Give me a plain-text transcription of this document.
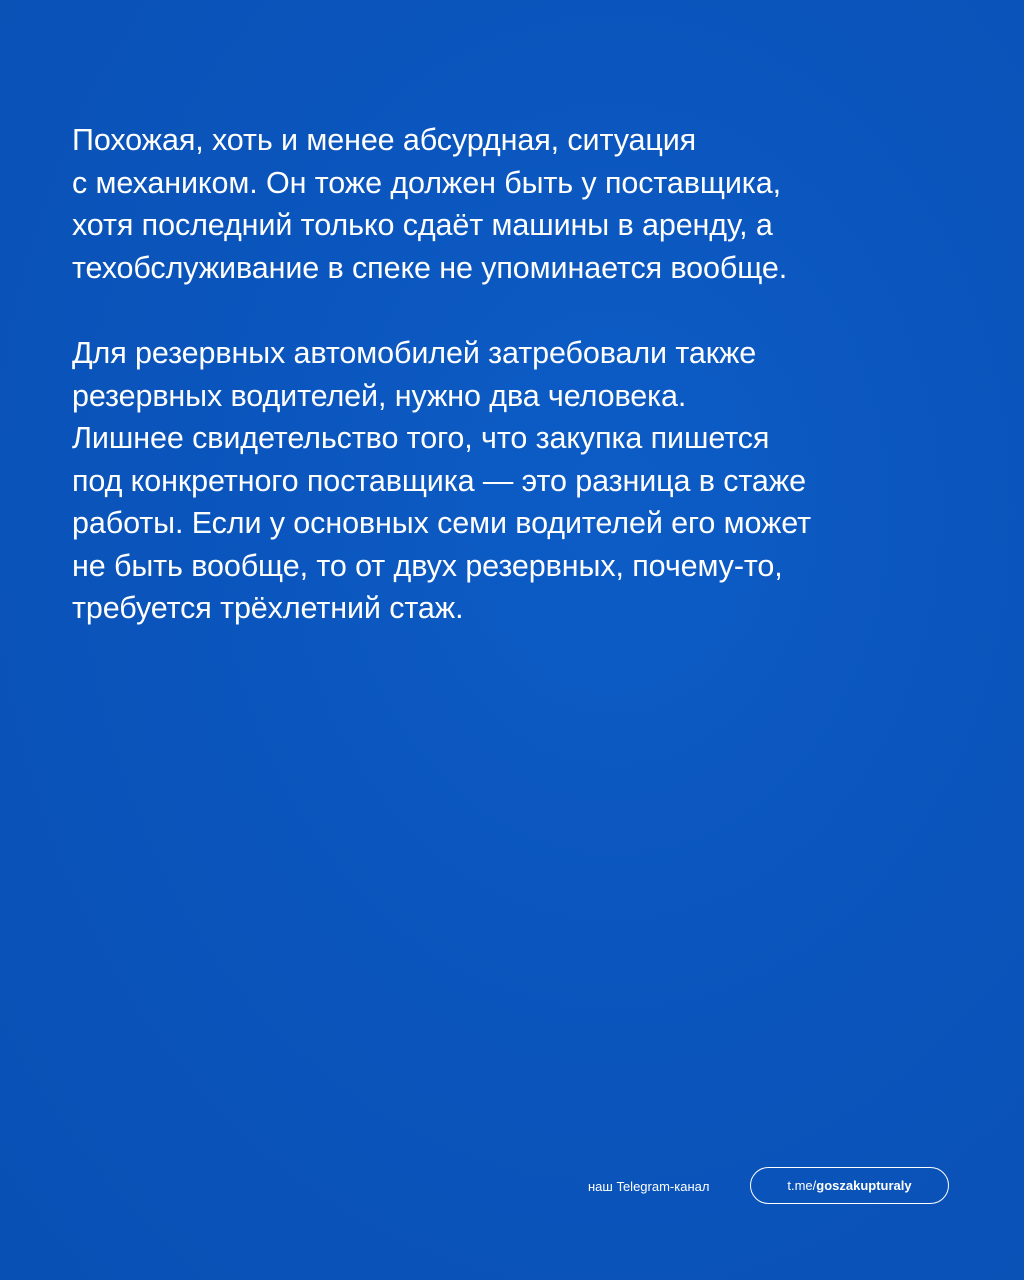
Похожая, хоть и менее абсурдная, ситуация
с механиком. Он тоже должен быть у поставщика,
хотя последний только сдаёт машины в аренду, а
техобслуживание в спеке не упоминается вообще.

Для резервных автомобилей затребовали также
резервных водителей, нужно два человека.
Лишнее свидетельство того, что закупка пишется
под конкретного поставщика — это разница в стаже
работы. Если у основных семи водителей его может
не быть вообще, то от двух резервных, почему-то,
требуется трёхлетний стаж.

наш Telegram-канал	t.me/ goszakupturaly
